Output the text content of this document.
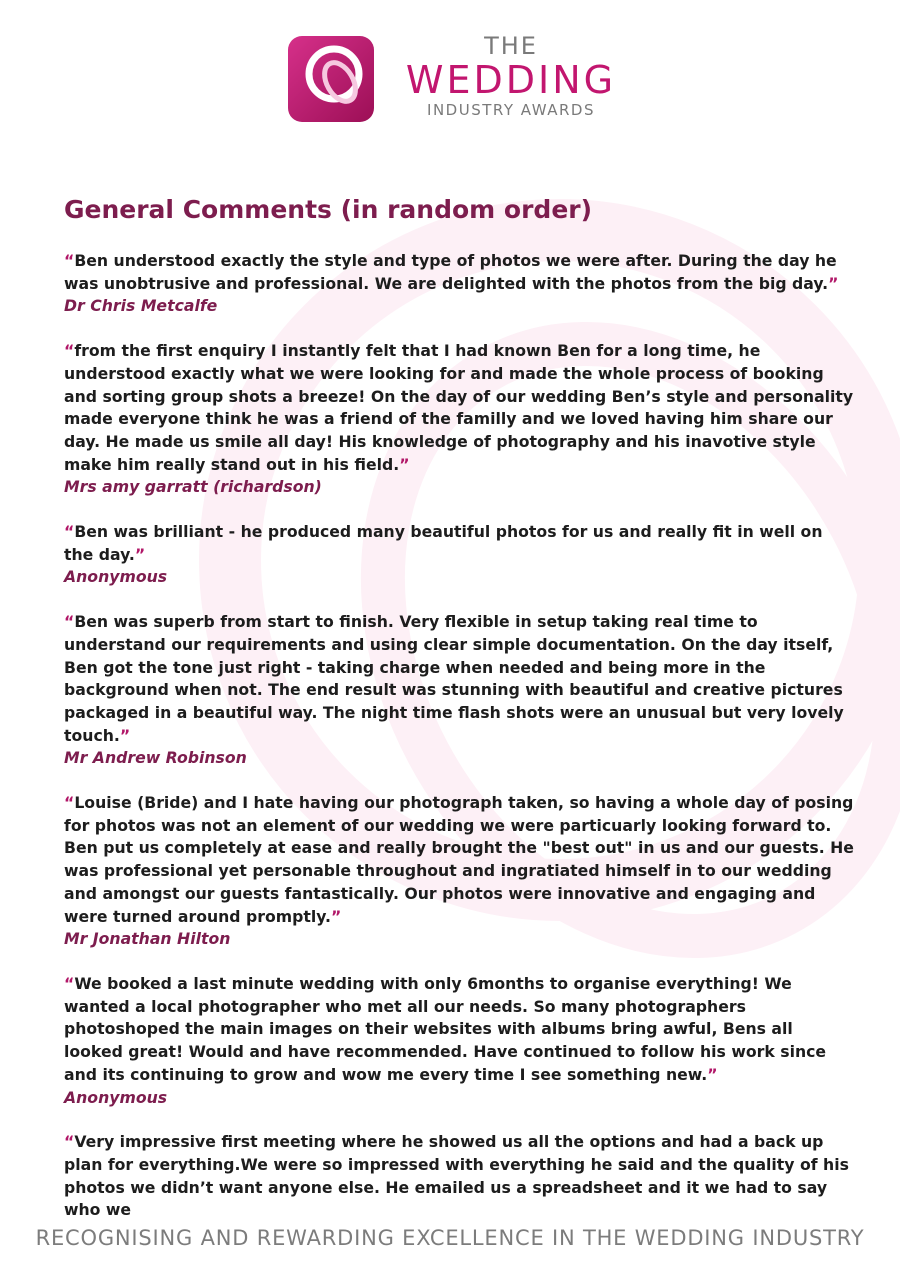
THE
WEDDING
INDUSTRY AWARDS
General Comments (in random order)

“Ben understood exactly the style and type of photos we were after. During the day he was unobtrusive and professional. We are delighted with the photos from the big day.”

Dr Chris Metcalfe

“from the first enquiry I instantly felt that I had known Ben for a long time, he understood exactly what we were looking for and made the whole process of booking and sorting group shots a breeze! On the day of our wedding Ben’s style and personality made everyone think he was a friend of the familly and we loved having him share our day. He made us smile all day! His knowledge of photography and his inavotive style make him really stand out in his field.”

Mrs amy garratt (richardson)

“Ben was brilliant - he produced many beautiful photos for us and really fit in well on the day.”

Anonymous

“Ben was superb from start to finish. Very flexible in setup taking real time to understand our requirements and using clear simple documentation. On the day itself, Ben got the tone just right - taking charge when needed and being more in the background when not. The end result was stunning with beautiful and creative pictures packaged in a beautiful way. The night time flash shots were an unusual but very lovely touch.”

Mr Andrew Robinson

“Louise (Bride) and I hate having our photograph taken, so having a whole day of posing for photos was not an element of our wedding we were particuarly looking forward to. Ben put us completely at ease and really brought the "best out" in us and our guests. He was professional yet personable throughout and ingratiated himself in to our wedding and amongst our guests fantastically. Our photos were innovative and engaging and were turned around promptly.”

Mr Jonathan Hilton

“We booked a last minute wedding with only 6months to organise everything! We wanted a local photographer who met all our needs. So many photographers photoshoped the main images on their websites with albums bring awful, Bens all looked great! Would and have recommended. Have continued to follow his work since and its continuing to grow and wow me every time I see something new.”

Anonymous

“Very impressive first meeting where he showed us all the options and had a back up plan for everything.We were so impressed with everything he said and the quality of his photos we didn’t want anyone else. He emailed us a spreadsheet and it we had to say who we

RECOGNISING AND REWARDING EXCELLENCE IN THE WEDDING INDUSTRY
